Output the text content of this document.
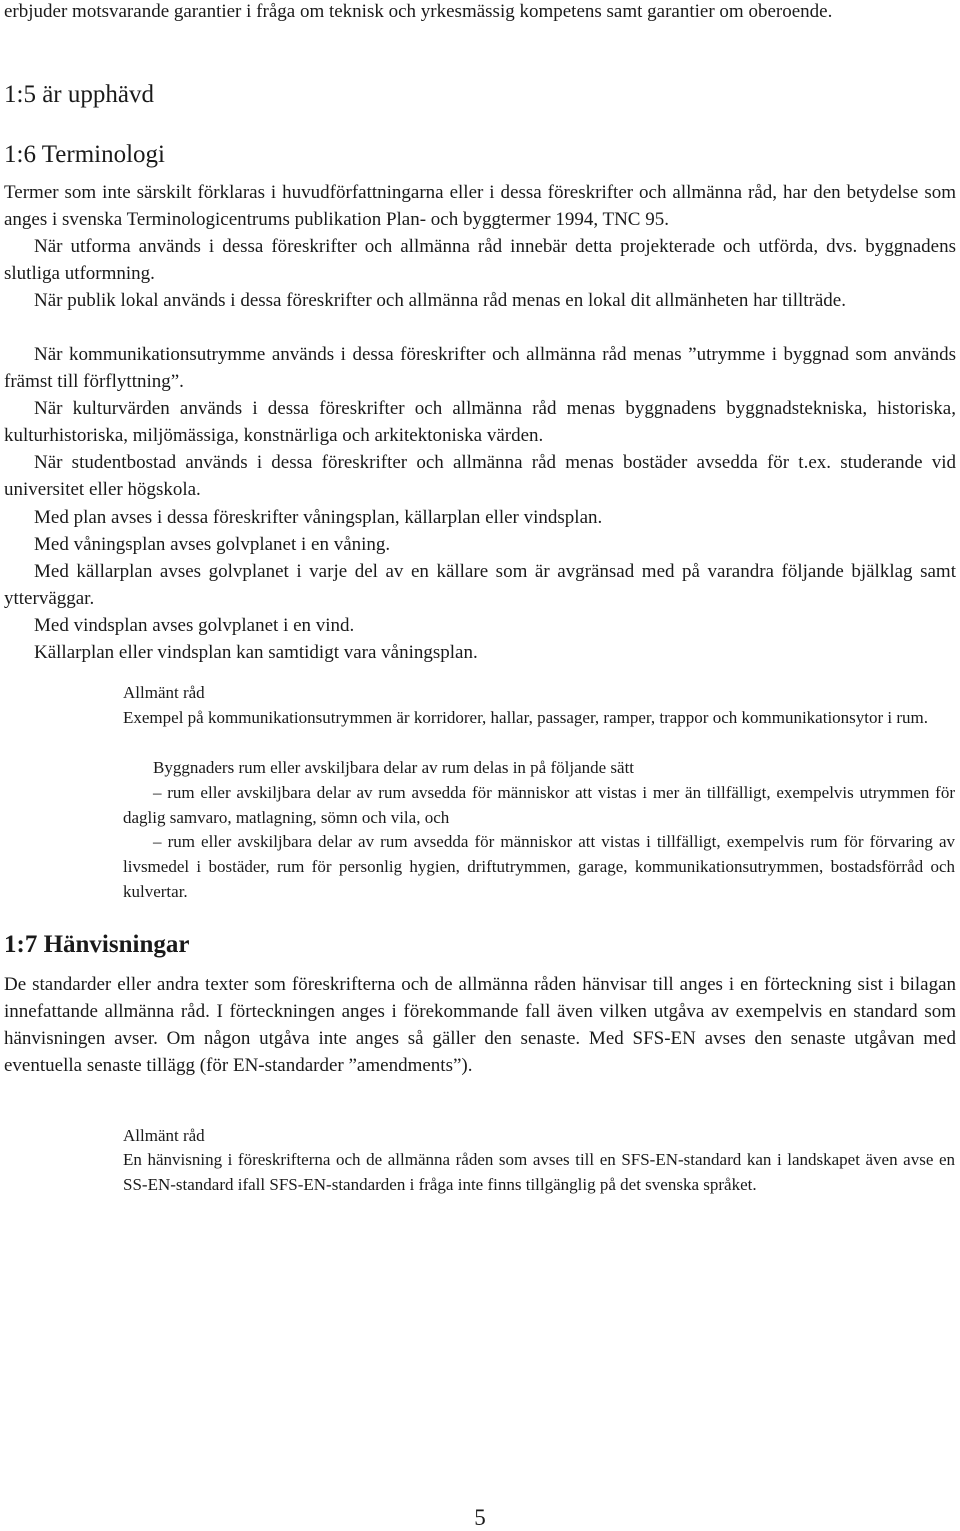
erbjuder motsvarande garantier i fråga om teknisk och yrkesmässig kompetens samt garantier om oberoende.

1:5 är upphävd
1:6 Terminologi

Termer som inte särskilt förklaras i huvudförfattningarna eller i dessa föreskrifter och allmänna råd, har den betydelse som anges i svenska Terminologicentrums publikation Plan- och byggtermer 1994, TNC 95.

När utforma används i dessa föreskrifter och allmänna råd innebär detta projekterade och utförda, dvs. byggnadens slutliga utformning.

När publik lokal används i dessa föreskrifter och allmänna råd menas en lokal dit allmänheten har tillträde.

När kommunikationsutrymme används i dessa föreskrifter och allmänna råd menas ”utrymme i byggnad som används främst till förflyttning”.

När kulturvärden används i dessa föreskrifter och allmänna råd menas byggnadens byggnadstekniska, historiska, kulturhistoriska, miljömässiga, konstnärliga och arkitektoniska värden.

När studentbostad används i dessa föreskrifter och allmänna råd menas bostäder avsedda för t.ex. studerande vid universitet eller högskola.

Med plan avses i dessa föreskrifter våningsplan, källarplan eller vindsplan.

Med våningsplan avses golvplanet i en våning.

Med källarplan avses golvplanet i varje del av en källare som är avgränsad med på varandra följande bjälklag samt ytterväggar.

Med vindsplan avses golvplanet i en vind.

Källarplan eller vindsplan kan samtidigt vara våningsplan.

Allmänt råd

Exempel på kommunikationsutrymmen är korridorer, hallar, passager, ramper, trappor och kommunikationsytor i rum.

Byggnaders rum eller avskiljbara delar av rum delas in på följande sätt

– rum eller avskiljbara delar av rum avsedda för människor att vistas i mer än tillfälligt, exempelvis utrymmen för daglig samvaro, matlagning, sömn och vila, och

– rum eller avskiljbara delar av rum avsedda för människor att vistas i tillfälligt, exempelvis rum för förvaring av livsmedel i bostäder, rum för personlig hygien, driftutrymmen, garage, kommunikationsutrymmen, bostadsförråd och kulvertar.

1:7 Hänvisningar

De standarder eller andra texter som föreskrifterna och de allmänna råden hänvisar till anges i en förteckning sist i bilagan innefattande allmänna råd. I förteckningen anges i förekommande fall även vilken utgåva av exempelvis en standard som hänvisningen avser. Om någon utgåva inte anges så gäller den senaste. Med SFS-EN avses den senaste utgåvan med eventuella senaste tillägg (för EN-standarder ”amendments”).

Allmänt råd

En hänvisning i föreskrifterna och de allmänna råden som avses till en SFS-EN-standard kan i landskapet även avse en SS-EN-standard ifall SFS-EN-standarden i fråga inte finns tillgänglig på det svenska språket.

5
